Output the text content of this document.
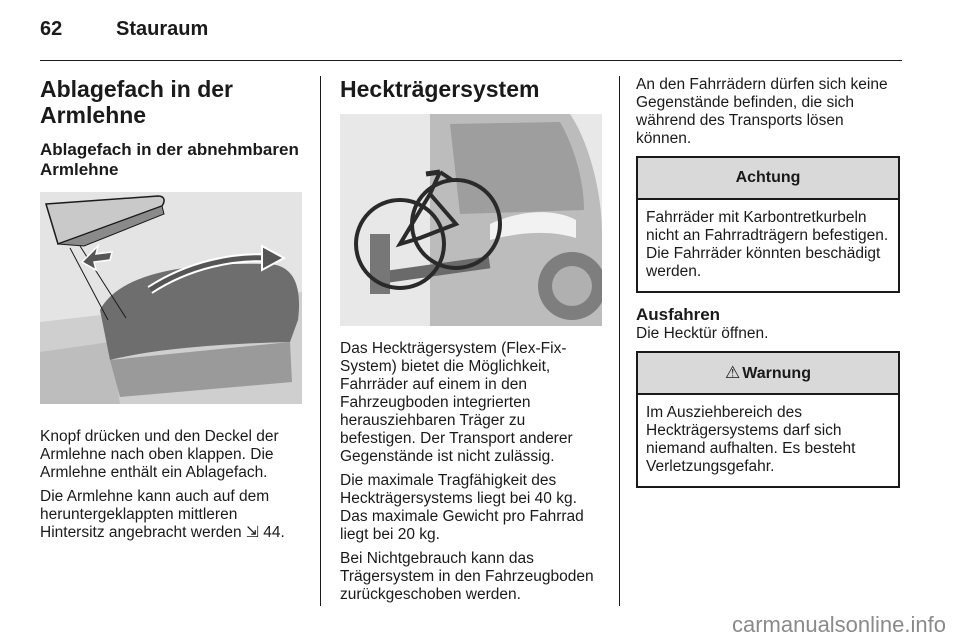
62	Stauraum
Ablagefach in der Armlehne
Ablagefach in der abnehmbaren Armlehne

Knopf drücken und den Deckel der Armlehne nach oben klappen. Die Armlehne enthält ein Ablagefach.

Die Armlehne kann auch auf dem heruntergeklappten mittleren Hintersitz angebracht werden ⇲ 44.

Heckträgersystem

Das Heckträgersystem (Flex-Fix-System) bietet die Möglichkeit, Fahrräder auf einem in den Fahrzeugboden integrierten herausziehbaren Träger zu befestigen. Der Transport anderer Gegenstände ist nicht zulässig.

Die maximale Tragfähigkeit des Heckträgersystems liegt bei 40 kg. Das maximale Gewicht pro Fahrrad liegt bei 20 kg.

Bei Nichtgebrauch kann das Trägersystem in den Fahrzeugboden zurückgeschoben werden.

An den Fahrrädern dürfen sich keine Gegenstände befinden, die sich während des Transports lösen können.

Achtung

Fahrräder mit Karbontretkurbeln nicht an Fahrradträgern befestigen. Die Fahrräder könnten beschädigt werden.

Ausfahren

Die Hecktür öffnen.

⚠ Warnung

Im Ausziehbereich des Heckträgersystems darf sich niemand aufhalten. Es besteht Verletzungsgefahr.

carmanualsonline.info
